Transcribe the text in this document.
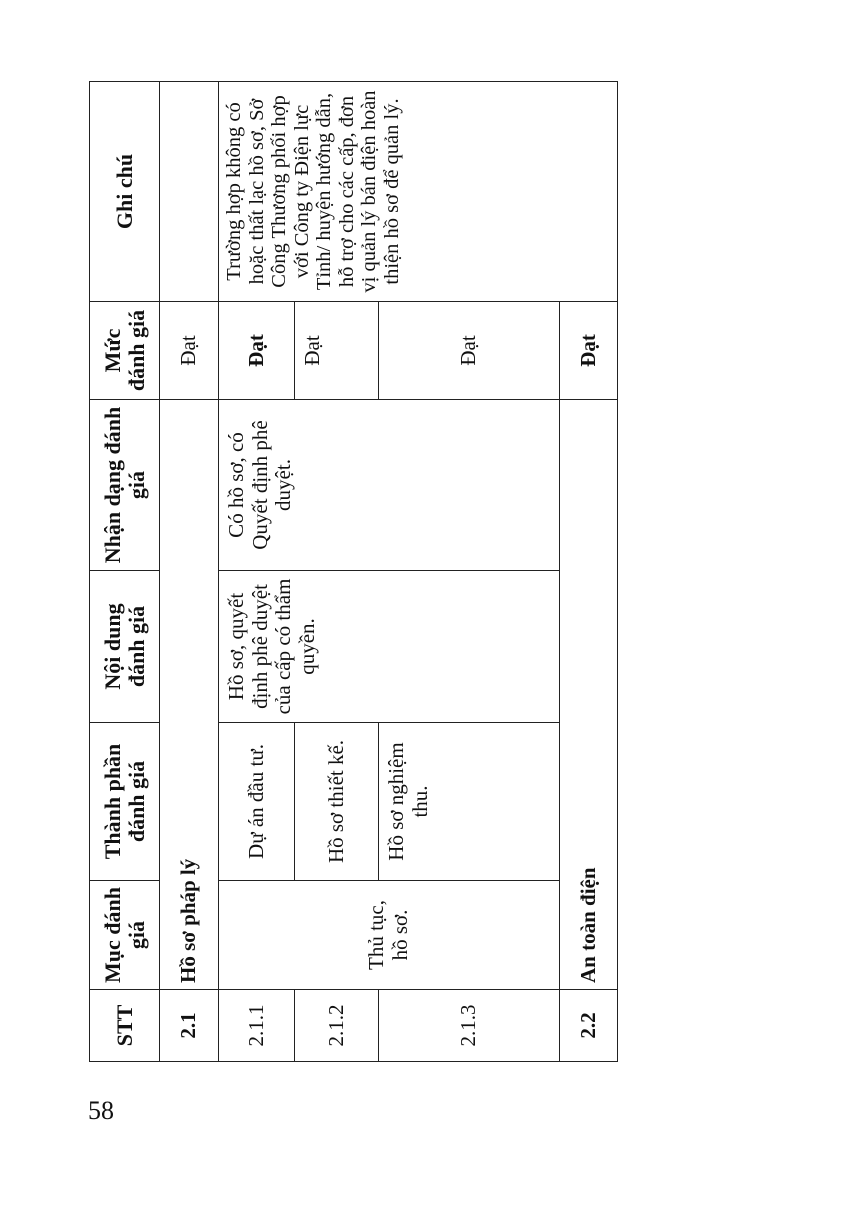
STT	Mục đánh giá	Thành phần đánh giá	Nội dung đánh giá	Nhận dạng đánh giá	Mức đánh giá	Ghi chú
2.1	Hồ sơ pháp lý				Đạt	
2.1.1	Thủ tục, hồ sơ.	Dự án đầu tư.	Hồ sơ, quyết định phê duyệt của cấp có thẩm quyền.	Có hồ sơ, có Quyết định phê duyệt.	Đạt	Trường hợp không có hoặc thất lạc hồ sơ, Sở Công Thương phối hợp với Công ty Điện lực Tỉnh/ huyện hướng dẫn, hỗ trợ cho các cấp, đơn vị quản lý bán điện hoàn thiện hồ sơ để quản lý.
2.1.2		Hồ sơ thiết kế.			Đạt	
2.1.3		Hồ sơ nghiệm thu.			Đạt	
2.2	An toàn điện				Đạt	
58
